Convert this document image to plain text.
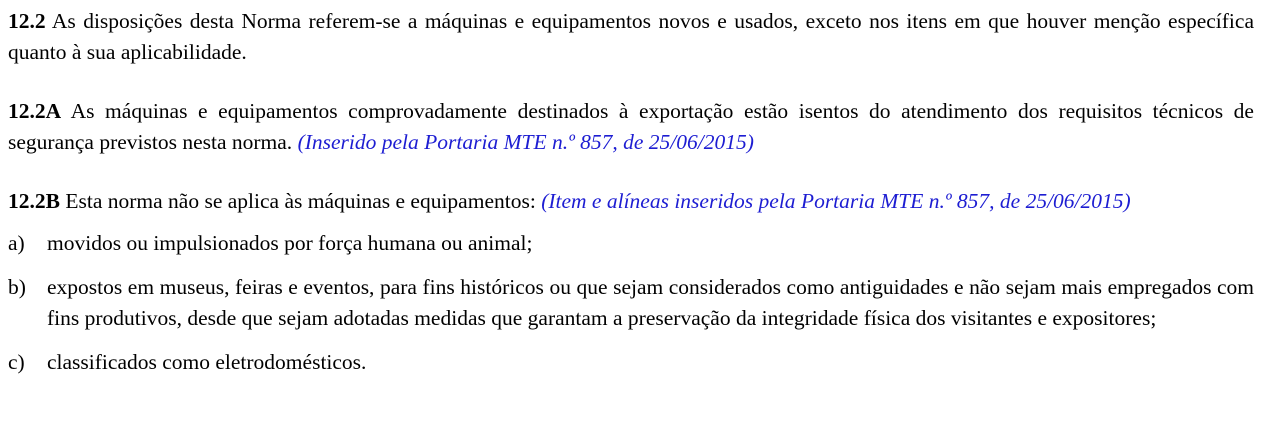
12.2 As disposições desta Norma referem-se a máquinas e equipamentos novos e usados, exceto nos itens em que houver menção específica quanto à sua aplicabilidade.

12.2A As máquinas e equipamentos comprovadamente destinados à exportação estão isentos do atendimento dos requisitos técnicos de segurança previstos nesta norma. (Inserido pela Portaria MTE n.º 857, de 25/06/2015)

12.2B Esta norma não se aplica às máquinas e equipamentos: (Item e alíneas inseridos pela Portaria MTE n.º 857, de 25/06/2015)

a)	movidos ou impulsionados por força humana ou animal;
b) expostos em museus, feiras e eventos, para fins históricos ou que sejam considerados como antiguidades e não sejam mais empregados com fins produtivos, desde que sejam adotadas medidas que garantam a preservação da integridade física dos visitantes e expositores;
c)	classificados como eletrodomésticos.
